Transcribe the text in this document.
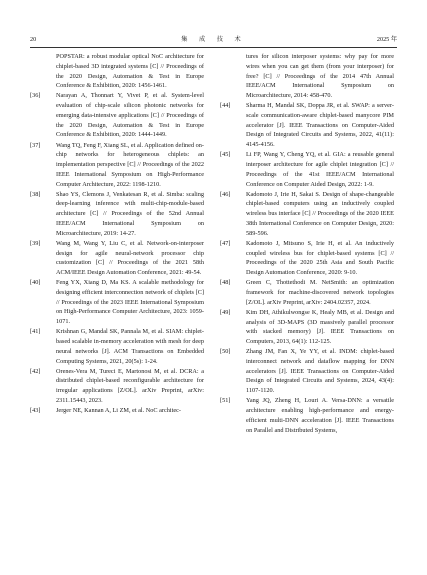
20	集 成 技 术	2025 年
POPSTAR: a robust modular optical NoC architecture for chiplet-based 3D integrated systems [C] // Proceedings of the 2020 Design, Automation & Test in Europe Conference & Exhibition, 2020: 1456-1461.
[36] Narayan A, Thonnart Y, Vivet P, et al. System-level evaluation of chip-scale silicon photonic networks for emerging data-intensive applications [C] // Proceedings of the 2020 Design, Automation & Test in Europe Conference & Exhibition, 2020: 1444-1449.
[37] Wang TQ, Feng F, Xiang SL, et al. Application defined on-chip networks for heterogeneous chiplets: an implementation perspective [C] // Proceedings of the 2022 IEEE International Symposium on High-Performance Computer Architecture, 2022: 1198-1210.
[38] Shao YS, Clemons J, Venkatesan R, et al. Simba: scaling deep-learning inference with multi-chip-module-based architecture [C] // Proceedings of the 52nd Annual IEEE/ACM International Symposium on Microarchitecture, 2019: 14-27.
[39] Wang M, Wang Y, Liu C, et al. Network-on-interposer design for agile neural-network processor chip customization [C] // Proceedings of the 2021 58th ACM/IEEE Design Automation Conference, 2021: 49-54.
[40] Feng YX, Xiang D, Ma KS. A scalable methodology for designing efficient interconnection network of chiplets [C] // Proceedings of the 2023 IEEE International Symposium on High-Performance Computer Architecture, 2023: 1059-1071.
[41] Krishnan G, Mandal SK, Pannala M, et al. SIAM: chiplet-based scalable in-memory acceleration with mesh for deep neural networks [J]. ACM Transactions on Embedded Computing Systems, 2021, 20(5s): 1-24.
[42] Orenes-Vera M, Tureci E, Martonosi M, et al. DCRA: a distributed chiplet-based reconfigurable architecture for irregular applications [Z/OL]. arXiv Preprint, arXiv: 2311.15443, 2023.
[43] Jerger NE, Kannan A, Li ZM, et al. NoC architec-
tures for silicon interposer systems: why pay for more wires when you can get them (from your interposer) for free? [C] // Proceedings of the 2014 47th Annual IEEE/ACM International Symposium on Microarchitecture, 2014: 458-470.
[44] Sharma H, Mandal SK, Doppa JR, et al. SWAP: a server-scale communication-aware chiplet-based manycore PIM accelerator [J]. IEEE Transactions on Computer-Aided Design of Integrated Circuits and Systems, 2022, 41(11): 4145-4156.
[45] Li FP, Wang Y, Cheng YQ, et al. GIA: a reusable general interposer architecture for agile chiplet integration [C] // Proceedings of the 41st IEEE/ACM International Conference on Computer Aided Design, 2022: 1-9.
[46] Kadomoto J, Irie H, Sakai S. Design of shape-changeable chiplet-based computers using an inductively coupled wireless bus interface [C] // Proceedings of the 2020 IEEE 38th International Conference on Computer Design, 2020: 589-596.
[47] Kadomoto J, Mitsuno S, Irie H, et al. An inductively coupled wireless bus for chiplet-based systems [C] // Proceedings of the 2020 25th Asia and South Pacific Design Automation Conference, 2020: 9-10.
[48] Green C, Thottethodi M. NetSmith: an optimization framework for machine-discovered network topologies [Z/OL]. arXiv Preprint, arXiv: 2404.02357, 2024.
[49] Kim DH, Athikulwongse K, Healy MB, et al. Design and analysis of 3D-MAPS (3D massively parallel processor with stacked memory) [J]. IEEE Transactions on Computers, 2013, 64(1): 112-125.
[50] Zhang JM, Fan X, Ye YY, et al. INDM: chiplet-based interconnect network and dataflow mapping for DNN accelerators [J]. IEEE Transactions on Computer-Aided Design of Integrated Circuits and Systems, 2024, 43(4): 1107-1120.
[51] Yang JQ, Zheng H, Louri A. Versa-DNN: a versatile architecture enabling high-performance and energy-efficient multi-DNN acceleration [J]. IEEE Transactions on Parallel and Distributed Systems,
